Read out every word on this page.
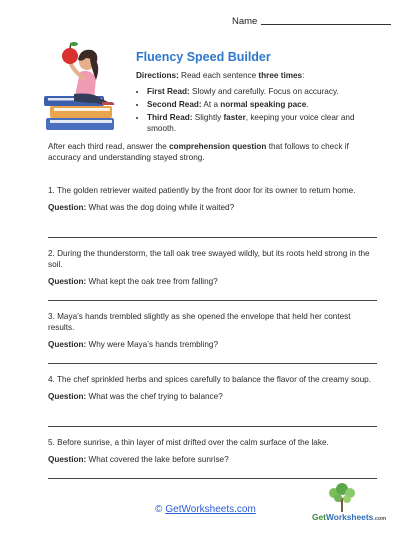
Name
Fluency Speed Builder
Directions: Read each sentence three times:
• First Read: Slowly and carefully. Focus on accuracy.
• Second Read: At a normal speaking pace.
• Third Read: Slightly faster, keeping your voice clear and smooth.
After each third read, answer the comprehension question that follows to check if accuracy and understanding stayed strong.
1. The golden retriever waited patiently by the front door for its owner to return home.
Question: What was the dog doing while it waited?
2. During the thunderstorm, the tall oak tree swayed wildly, but its roots held strong in the soil.
Question: What kept the oak tree from falling?
3. Maya’s hands trembled slightly as she opened the envelope that held her contest results.
Question: Why were Maya’s hands trembling?
4. The chef sprinkled herbs and spices carefully to balance the flavor of the creamy soup.
Question: What was the chef trying to balance?
5. Before sunrise, a thin layer of mist drifted over the calm surface of the lake.
Question: What covered the lake before sunrise?
© GetWorksheets.com
GetWorksheets.com
